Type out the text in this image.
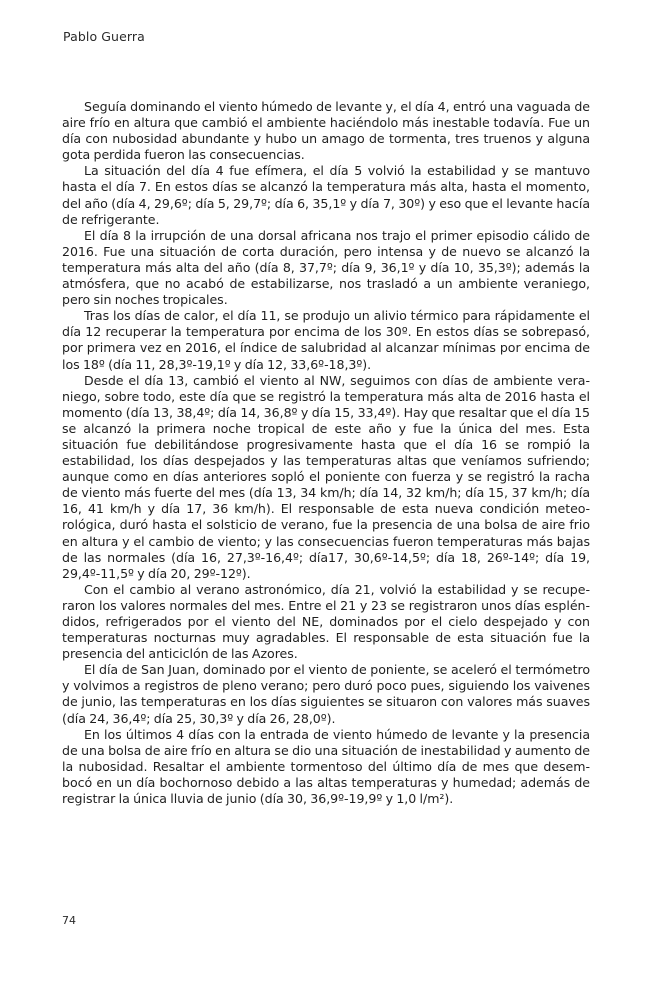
Pablo Guerra

Seguía dominando el viento húmedo de levante y, el día 4, entró una vaguada de aire frío en altura que cambió el ambiente haciéndolo más inestable todavía. Fue un día con nubosidad abundante y hubo un amago de tormenta, tres truenos y alguna gota perdida fueron las consecuencias.

La situación del día 4 fue efímera, el día 5 volvió la estabilidad y se mantuvo hasta el día 7. En estos días se alcanzó la temperatura más alta, hasta el momento, del año (día 4, 29,6º; día 5, 29,7º; día 6, 35,1º y día 7, 30º) y eso que el levante hacía de refrigerante.

El día 8 la irrupción de una dorsal africana nos trajo el primer episodio cálido de 2016. Fue una situación de corta duración, pero intensa y de nuevo se alcanzó la temperatura más alta del año (día 8, 37,7º; día 9, 36,1º y día 10, 35,3º); además la atmósfera, que no acabó de estabilizarse, nos trasladó a un ambiente veraniego, pero sin noches tropicales.

Tras los días de calor, el día 11, se produjo un alivio térmico para rápidamente el día 12 recuperar la temperatura por encima de los 30º. En estos días se sobrepasó, por primera vez en 2016, el índice de salubridad al alcanzar mínimas por encima de los 18º (día 11, 28,3º-19,1º y día 12, 33,6º-18,3º).

Desde el día 13, cambió el viento al NW, seguimos con días de ambiente veraniego, sobre todo, este día que se registró la temperatura más alta de 2016 hasta el momento (día 13, 38,4º; día 14, 36,8º y día 15, 33,4º). Hay que resaltar que el día 15 se alcanzó la primera noche tropical de este año y fue la única del mes. Esta situación fue debilitándose progresivamente hasta que el día 16 se rompió la estabilidad, los días despejados y las temperaturas altas que veníamos sufriendo; aunque como en días anteriores sopló el poniente con fuerza y se registró la racha de viento más fuerte del mes (día 13, 34 km/h; día 14, 32 km/h; día 15, 37 km/h; día 16, 41 km/h y día 17, 36 km/h). El responsable de esta nueva condición meteorológica, duró hasta el solsticio de verano, fue la presencia de una bolsa de aire frio en altura y el cambio de viento; y las consecuencias fueron temperaturas más bajas de las normales (día 16, 27,3º-16,4º; día17, 30,6º-14,5º; día 18, 26º-14º; día 19, 29,4º-11,5º y día 20, 29º-12º).

Con el cambio al verano astronómico, día 21, volvió la estabilidad y se recuperaron los valores normales del mes. Entre el 21 y 23 se registraron unos días espléndidos, refrigerados por el viento del NE, dominados por el cielo despejado y con temperaturas nocturnas muy agradables. El responsable de esta situación fue la presencia del anticiclón de las Azores.

El día de San Juan, dominado por el viento de poniente, se aceleró el termómetro y volvimos a registros de pleno verano; pero duró poco pues, siguiendo los vaivenes de junio, las temperaturas en los días siguientes se situaron con valores más suaves (día 24, 36,4º; día 25, 30,3º y día 26, 28,0º).

En los últimos 4 días con la entrada de viento húmedo de levante y la presencia de una bolsa de aire frío en altura se dio una situación de inestabilidad y aumento de la nubosidad. Resaltar el ambiente tormentoso del último día de mes que desembocó en un día bochornoso debido a las altas temperaturas y humedad; además de registrar la única lluvia de junio (día 30, 36,9º-19,9º y 1,0 l/m²).

74
